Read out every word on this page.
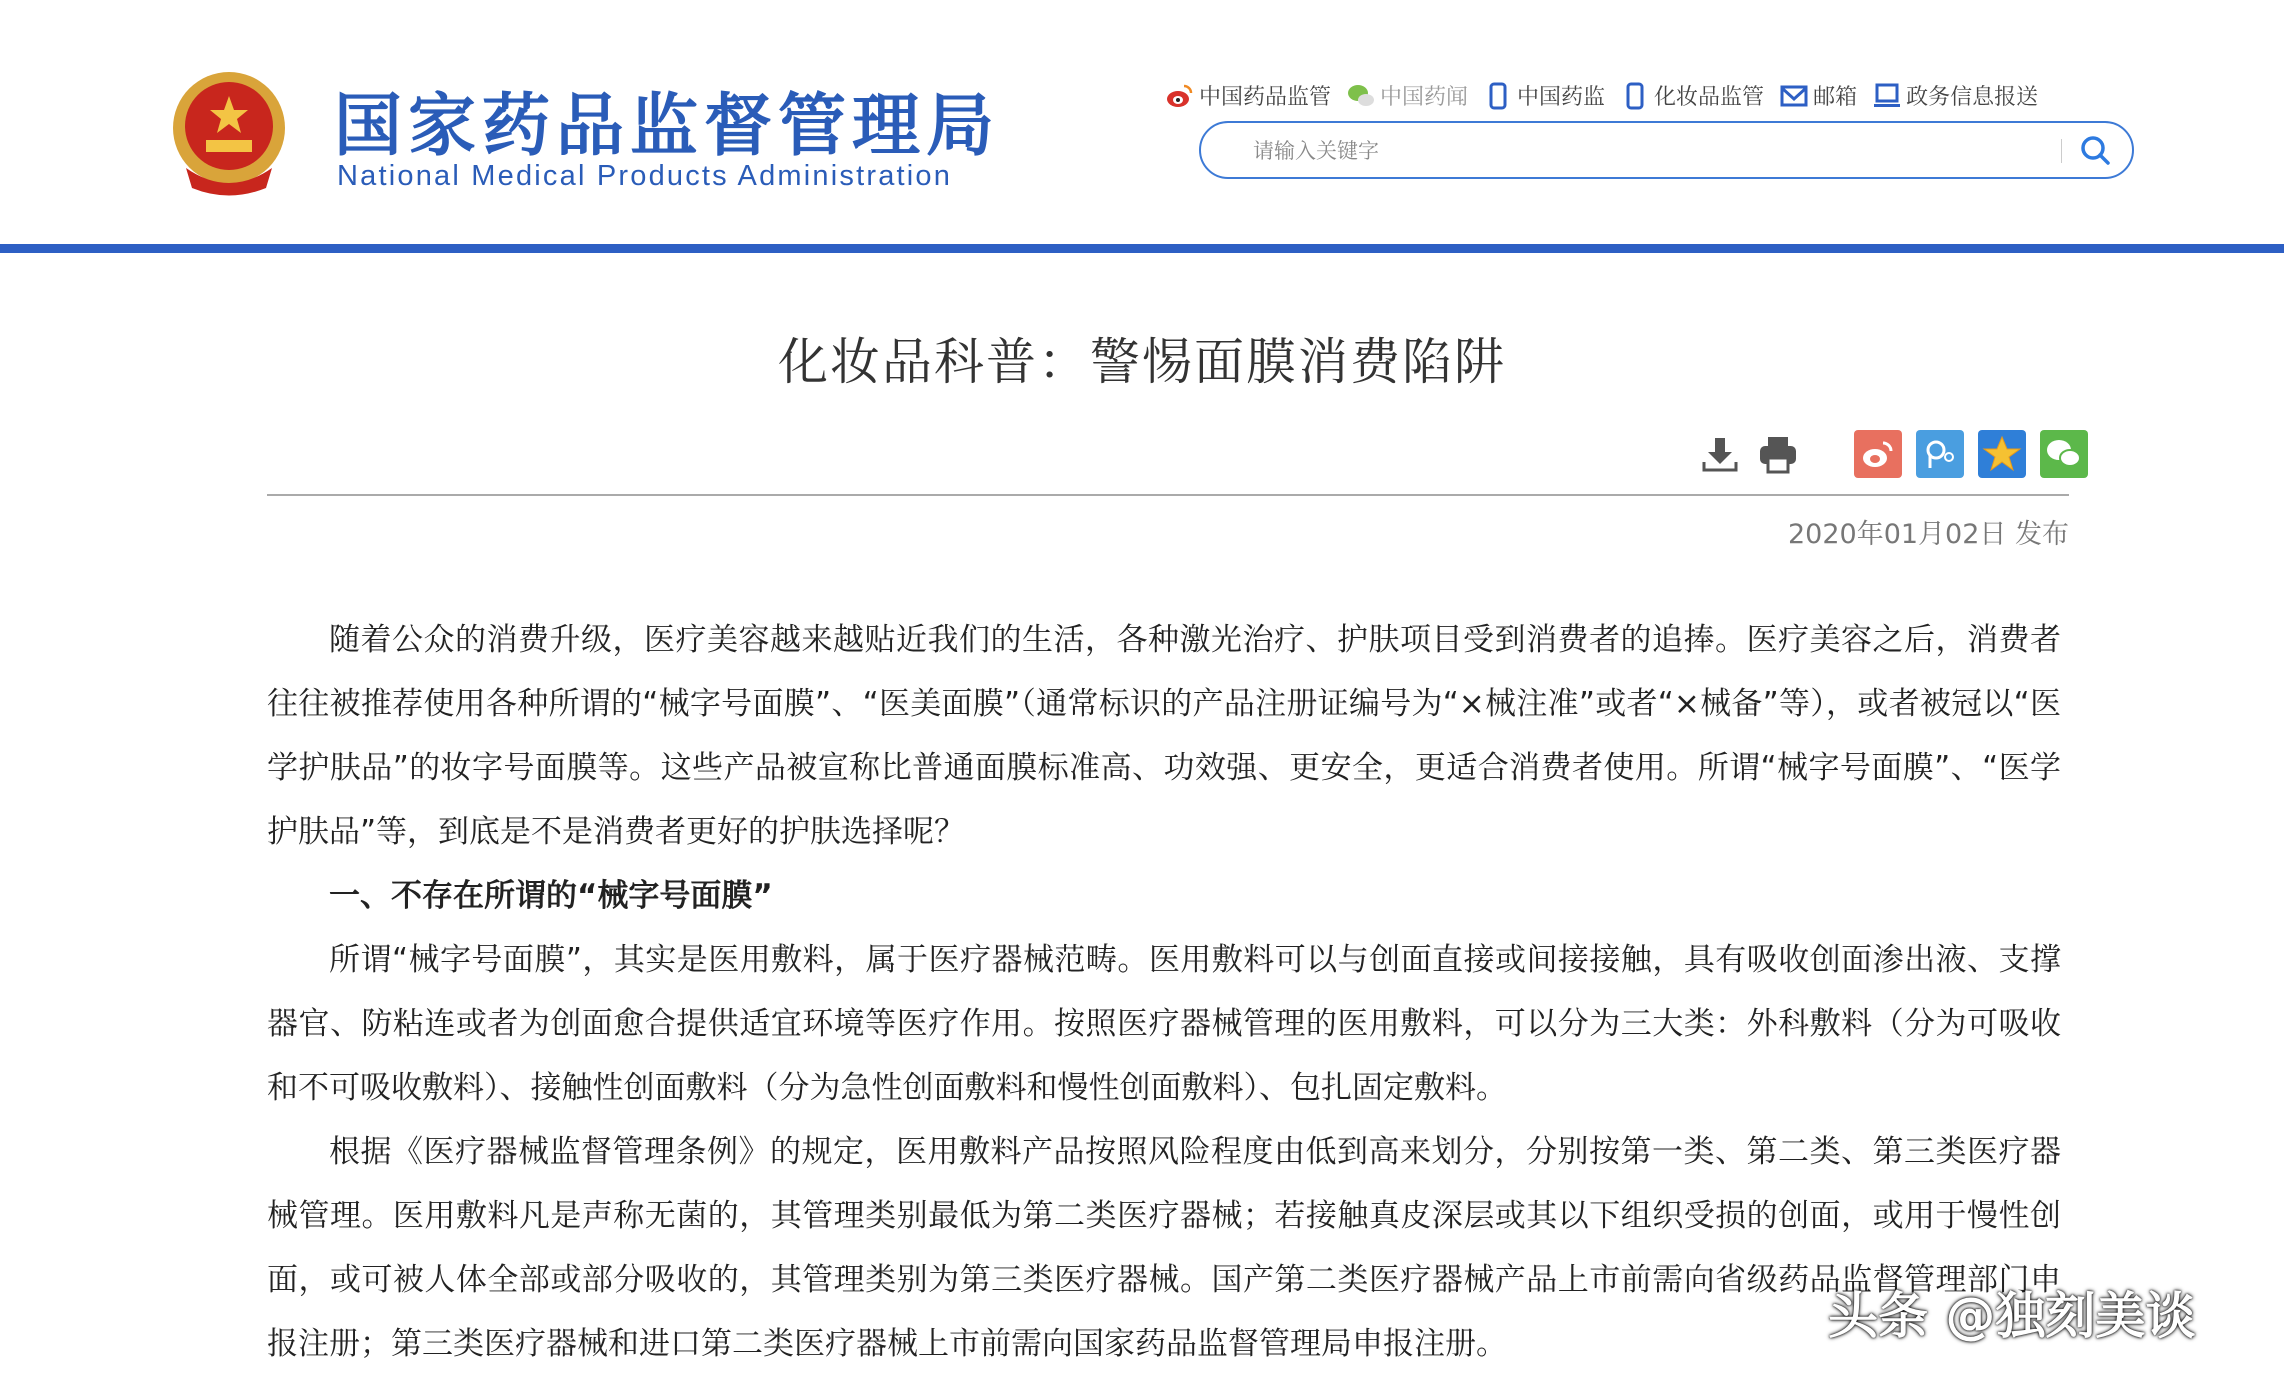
国家药品监督管理局
National Medical Products Administration
中国药品监管 中国药闻 中国药监 化妆品监管 邮箱 政务信息报送
请输入关键字
化妆品科普：警惕面膜消费陷阱
2020年01月02日 发布

随着公众的消费升级，医疗美容越来越贴近我们的生活，各种激光治疗、护肤项目受到消费者的追捧。医疗美容之后，消费者往往被推荐使用各种所谓的“械字号面膜”、“医美面膜”（通常标识的产品注册证编号为“×械注准”或者“×械备”等），或者被冠以“医学护肤品”的妆字号面膜等。这些产品被宣称比普通面膜标准高、功效强、更安全，更适合消费者使用。所谓“械字号面膜”、“医学护肤品”等，到底是不是消费者更好的护肤选择呢？

一、不存在所谓的“械字号面膜”

所谓“械字号面膜”，其实是医用敷料，属于医疗器械范畴。医用敷料可以与创面直接或间接接触，具有吸收创面渗出液、支撑器官、防粘连或者为创面愈合提供适宜环境等医疗作用。按照医疗器械管理的医用敷料，可以分为三大类：外科敷料（分为可吸收和不可吸收敷料）、接触性创面敷料（分为急性创面敷料和慢性创面敷料）、包扎固定敷料。

根据《医疗器械监督管理条例》的规定，医用敷料产品按照风险程度由低到高来划分，分别按第一类、第二类、第三类医疗器械管理。医用敷料凡是声称无菌的，其管理类别最低为第二类医疗器械；若接触真皮深层或其以下组织受损的创面，或用于慢性创面，或可被人体全部或部分吸收的，其管理类别为第三类医疗器械。国产第二类医疗器械产品上市前需向省级药品监督管理部门申报注册；第三类医疗器械和进口第二类医疗器械上市前需向国家药品监督管理局申报注册。	头条 @独刻美谈
